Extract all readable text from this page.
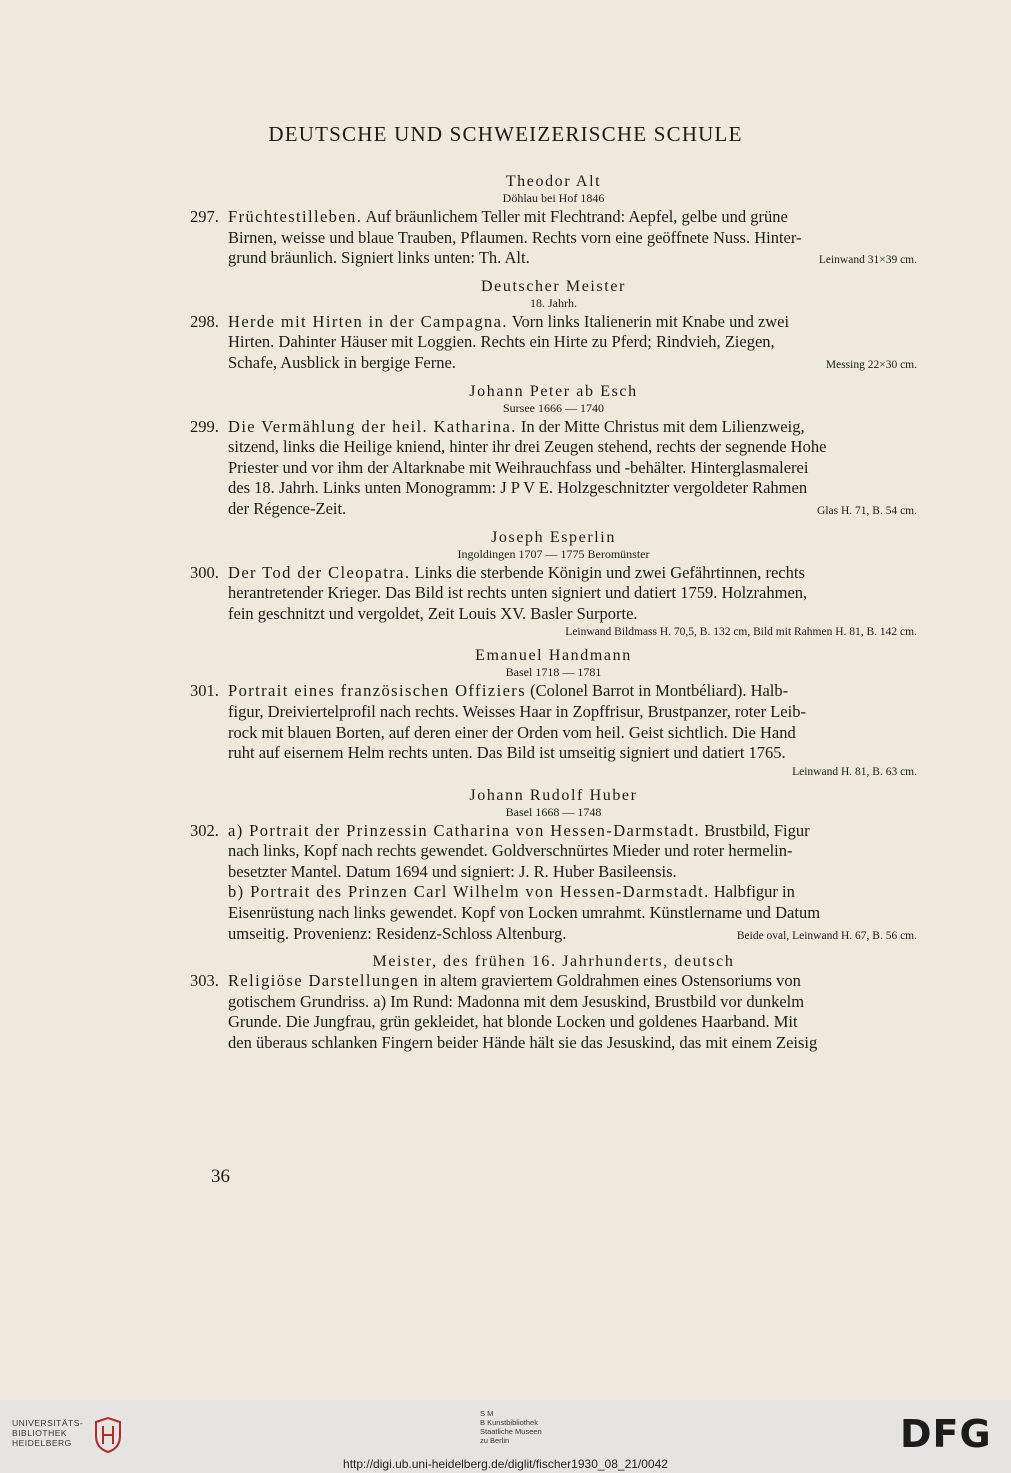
DEUTSCHE UND SCHWEIZERISCHE SCHULE
Theodor Alt
Döhlau bei Hof 1846
297. Früchtestilleben. Auf bräunlichem Teller mit Flechtrand: Aepfel, gelbe und grüne

Birnen, weisse und blaue Trauben, Pflaumen. Rechts vorn eine geöffnete Nuss. Hinter-

grund bräunlich. Signiert links unten: Th. Alt.	Leinwand 31×39 cm.

Deutscher Meister
18. Jahrh.
298. Herde mit Hirten in der Campagna. Vorn links Italienerin mit Knabe und zwei

Hirten. Dahinter Häuser mit Loggien. Rechts ein Hirte zu Pferd; Rindvieh, Ziegen,

Schafe, Ausblick in bergige Ferne.	Messing 22×30 cm.

Johann Peter ab Esch
Sursee 1666 — 1740
299. Die Vermählung der heil. Katharina. In der Mitte Christus mit dem Lilienzweig,

sitzend, links die Heilige kniend, hinter ihr drei Zeugen stehend, rechts der segnende Hohe

Priester und vor ihm der Altarknabe mit Weihrauchfass und -behälter. Hinterglasmalerei

des 18. Jahrh. Links unten Monogramm: J P V E. Holzgeschnitzter vergoldeter Rahmen

der Régence-Zeit.	Glas H. 71, B. 54 cm.

Joseph Esperlin
Ingoldingen 1707 — 1775 Beromünster
300. Der Tod der Cleopatra. Links die sterbende Königin und zwei Gefährtinnen, rechts

herantretender Krieger. Das Bild ist rechts unten signiert und datiert 1759. Holzrahmen,

fein geschnitzt und vergoldet, Zeit Louis XV. Basler Surporte.

Leinwand Bildmass H. 70,5, B. 132 cm, Bild mit Rahmen H. 81, B. 142 cm.

Emanuel Handmann
Basel 1718 — 1781
301. Portrait eines französischen Offiziers (Colonel Barrot in Montbéliard). Halb-

figur, Dreiviertelprofil nach rechts. Weisses Haar in Zopffrisur, Brustpanzer, roter Leib-

rock mit blauen Borten, auf deren einer der Orden vom heil. Geist sichtlich. Die Hand

ruht auf eisernem Helm rechts unten. Das Bild ist umseitig signiert und datiert 1765.

Leinwand H. 81, B. 63 cm.

Johann Rudolf Huber
Basel 1668 — 1748
302. a) Portrait der Prinzessin Catharina von Hessen-Darmstadt. Brustbild, Figur

nach links, Kopf nach rechts gewendet. Goldverschnürtes Mieder und roter hermelin-

besetzter Mantel. Datum 1694 und signiert: J. R. Huber Basileensis.

b) Portrait des Prinzen Carl Wilhelm von Hessen-Darmstadt. Halbfigur in

Eisenrüstung nach links gewendet. Kopf von Locken umrahmt. Künstlername und Datum

umseitig. Provenienz: Residenz-Schloss Altenburg.	Beide oval, Leinwand H. 67, B. 56 cm.

Meister, des frühen 16. Jahrhunderts, deutsch
303. Religiöse Darstellungen in altem graviertem Goldrahmen eines Ostensoriums von

gotischem Grundriss. a) Im Rund: Madonna mit dem Jesuskind, Brustbild vor dunkelm

Grunde. Die Jungfrau, grün gekleidet, hat blonde Locken und goldenes Haarband. Mit

den überaus schlanken Fingern beider Hände hält sie das Jesuskind, das mit einem Zeisig

36
UNIVERSITÄTS-
BIBLIOTHEK
HEIDELBERG
S M
B Kunstbibliothek
Staatliche Museen
zu Berlin	DFG
http://digi.ub.uni-heidelberg.de/diglit/fischer1930_08_21/0042
